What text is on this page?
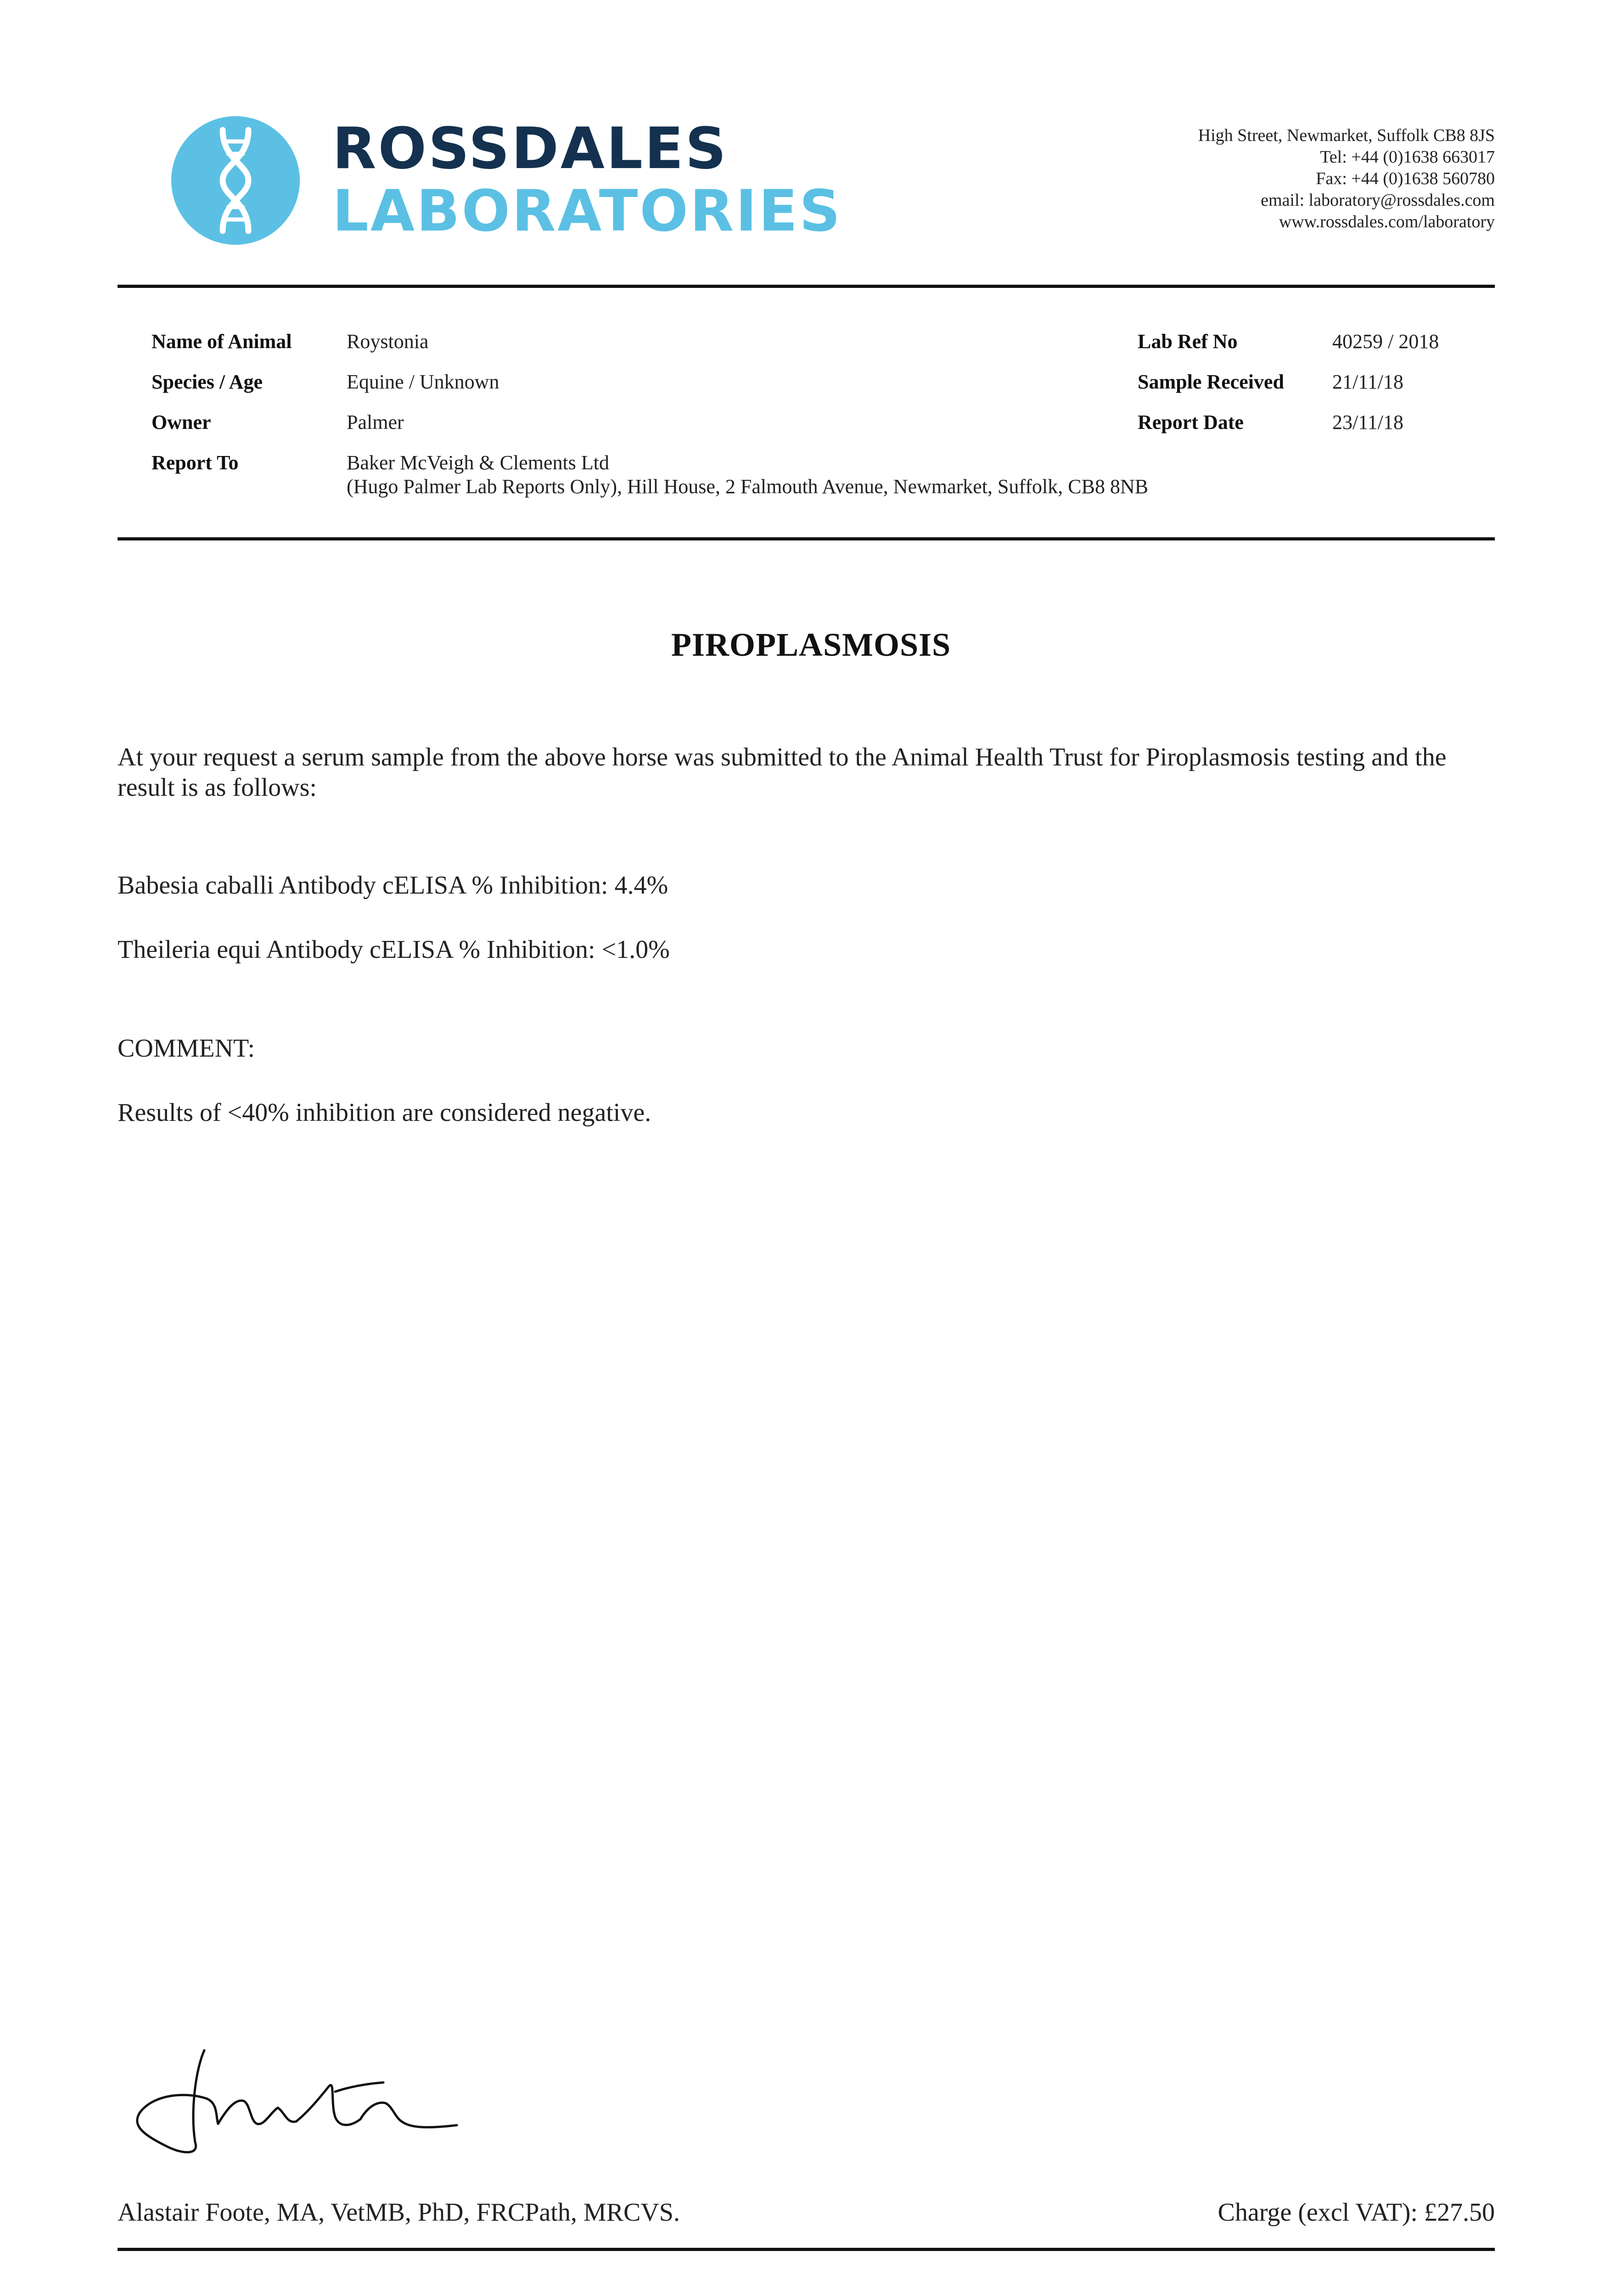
ROSSDALES
LABORATORIES
High Street, Newmarket, Suffolk CB8 8JS
Tel: +44 (0)1638 663017
Fax: +44 (0)1638 560780
email: laboratory@rossdales.com
www.rossdales.com/laboratory
Name of Animal	Roystonia
Species / Age	Equine / Unknown
Owner	Palmer
Report To	Baker McVeigh & Clements Ltd
(Hugo Palmer Lab Reports Only), Hill House, 2 Falmouth Avenue, Newmarket, Suffolk, CB8 8NB
Lab Ref No	40259 / 2018
Sample Received 21/11/18
Report Date	23/11/18
PIROPLASMOSIS
At your request a serum sample from the above horse was submitted to the Animal Health Trust for Piroplasmosis testing and the result is as follows:
Babesia caballi Antibody cELISA % Inhibition: 4.4%
Theileria equi Antibody cELISA % Inhibition: <1.0%
COMMENT:
Results of <40% inhibition are considered negative.
Alastair Foote, MA, VetMB, PhD, FRCPath, MRCVS.	Charge (excl VAT): £27.50
